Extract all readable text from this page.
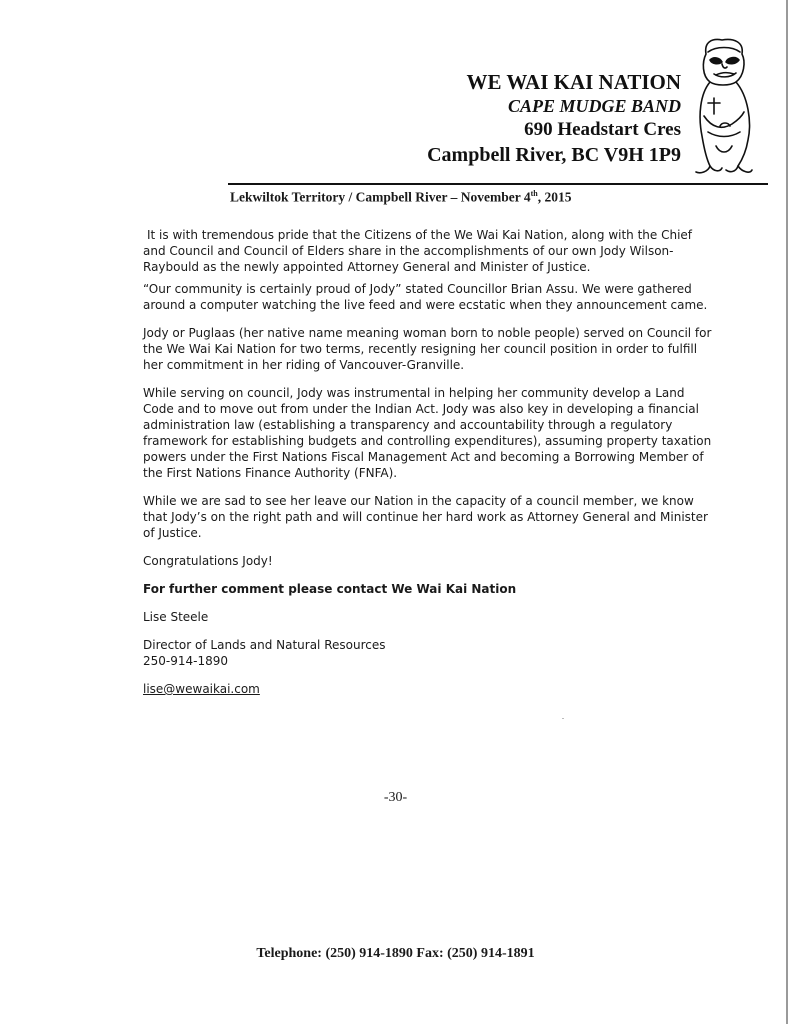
WE WAI KAI NATION
CAPE MUDGE BAND
690 Headstart Cres
Campbell River, BC V9H 1P9
Lekwiltok Territory / Campbell River – November 4th, 2015

It is with tremendous pride that the Citizens of the We Wai Kai Nation, along with the Chief and Council and Council of Elders share in the accomplishments of our own Jody Wilson-Raybould as the newly appointed Attorney General and Minister of Justice.

“Our community is certainly proud of Jody” stated Councillor Brian Assu. We were gathered around a computer watching the live feed and were ecstatic when they announcement came.

Jody or Puglaas (her native name meaning woman born to noble people) served on Council for the We Wai Kai Nation for two terms, recently resigning her council position in order to fulfill her commitment in her riding of Vancouver-Granville.

While serving on council, Jody was instrumental in helping her community develop a Land Code and to move out from under the Indian Act. Jody was also key in developing a financial administration law (establishing a transparency and accountability through a regulatory framework for establishing budgets and controlling expenditures), assuming property taxation powers under the First Nations Fiscal Management Act and becoming a Borrowing Member of the First Nations Finance Authority (FNFA).

While we are sad to see her leave our Nation in the capacity of a council member, we know that Jody’s on the right path and will continue her hard work as Attorney General and Minister of Justice.

Congratulations Jody!

For further comment please contact We Wai Kai Nation

Lise Steele

Director of Lands and Natural Resources

250-914-1890

lise@wewaikai.com

-30-
Telephone: (250) 914-1890 Fax: (250) 914-1891
